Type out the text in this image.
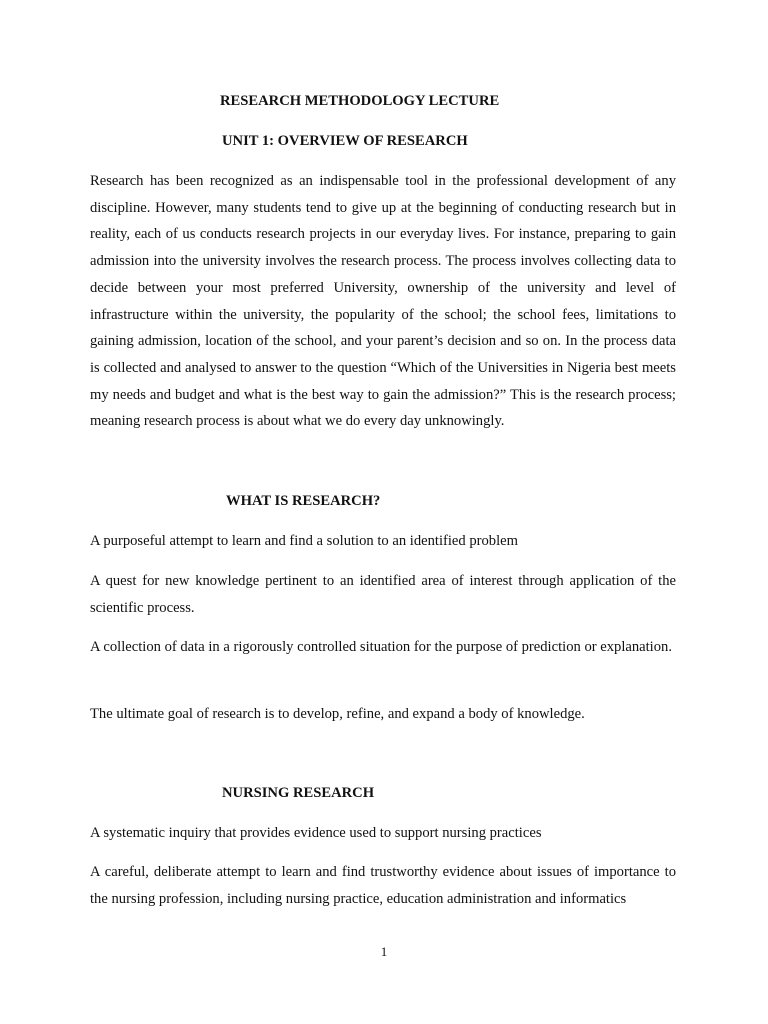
RESEARCH METHODOLOGY LECTURE

UNIT 1: OVERVIEW OF RESEARCH

Research has been recognized as an indispensable tool in the professional development of any discipline. However, many students tend to give up at the beginning of conducting research but in reality, each of us conducts research projects in our everyday lives. For instance, preparing to gain admission into the university involves the research process. The process involves collecting data to decide between your most preferred University, ownership of the university and level of infrastructure within the university, the popularity of the school; the school fees, limitations to gaining admission, location of the school, and your parent’s decision and so on. In the process data is collected and analysed to answer to the question “Which of the Universities in Nigeria best meets my needs and budget and what is the best way to gain the admission?” This is the research process; meaning research process is about what we do every day unknowingly.

WHAT IS RESEARCH?

A purposeful attempt to learn and find a solution to an identified problem

A quest for new knowledge pertinent to an identified area of interest through application of the scientific process.

A collection of data in a rigorously controlled situation for the purpose of prediction or explanation.

The ultimate goal of research is to develop, refine, and expand a body of knowledge.

NURSING RESEARCH

A systematic inquiry that provides evidence used to support nursing practices

A careful, deliberate attempt to learn and find trustworthy evidence about issues of importance to the nursing profession, including nursing practice, education administration and informatics

1
